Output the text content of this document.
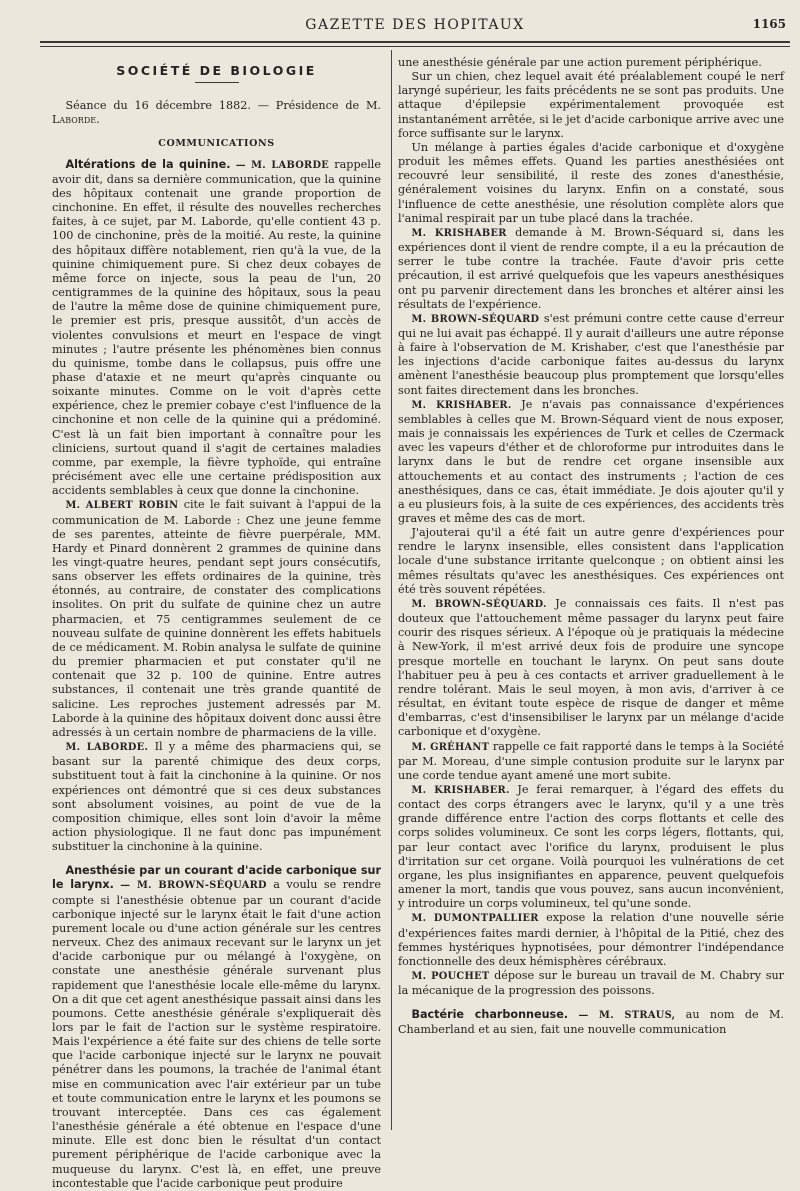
GAZETTE DES HOPITAUX	1165
SOCIÉTÉ DE BIOLOGIE

Séance du 16 décembre 1882. — Présidence de M. Laborde.

COMMUNICATIONS

Altérations de la quinine. — M. LABORDE rappelle avoir dit, dans sa dernière communication, que la quinine des hôpitaux contenait une grande proportion de cinchonine. En effet, il résulte des nouvelles recherches faites, à ce sujet, par M. Laborde, qu'elle contient 43 p. 100 de cinchonine, près de la moitié. Au reste, la quinine des hôpitaux diffère notablement, rien qu'à la vue, de la quinine chimiquement pure. Si chez deux cobayes de même force on injecte, sous la peau de l'un, 20 centigrammes de la quinine des hôpitaux, sous la peau de l'autre la même dose de quinine chimiquement pure, le premier est pris, presque aussitôt, d'un accès de violentes convulsions et meurt en l'espace de vingt minutes ; l'autre présente les phénomènes bien connus du quinisme, tombe dans le collapsus, puis offre une phase d'ataxie et ne meurt qu'après cinquante ou soixante minutes. Comme on le voit d'après cette expérience, chez le premier cobaye c'est l'influence de la cinchonine et non celle de la quinine qui a prédominé. C'est là un fait bien important à connaître pour les cliniciens, surtout quand il s'agit de certaines maladies comme, par exemple, la fièvre typhoïde, qui entraîne précisément avec elle une certaine prédisposition aux accidents semblables à ceux que donne la cinchonine.

M. ALBERT ROBIN cite le fait suivant à l'appui de la communication de M. Laborde : Chez une jeune femme de ses parentes, atteinte de fièvre puerpérale, MM. Hardy et Pinard donnèrent 2 grammes de quinine dans les vingt-quatre heures, pendant sept jours consécutifs, sans observer les effets ordinaires de la quinine, très étonnés, au contraire, de constater des complications insolites. On prit du sulfate de quinine chez un autre pharmacien, et 75 centigrammes seulement de ce nouveau sulfate de quinine donnèrent les effets habituels de ce médicament. M. Robin analysa le sulfate de quinine du premier pharmacien et put constater qu'il ne contenait que 32 p. 100 de quinine. Entre autres substances, il contenait une très grande quantité de salicine. Les reproches justement adressés par M. Laborde à la quinine des hôpitaux doivent donc aussi être adressés à un certain nombre de pharmaciens de la ville.

M. LABORDE. Il y a même des pharmaciens qui, se basant sur la parenté chimique des deux corps, substituent tout à fait la cinchonine à la quinine. Or nos expériences ont démontré que si ces deux substances sont absolument voisines, au point de vue de la composition chimique, elles sont loin d'avoir la même action physiologique. Il ne faut donc pas impunément substituer la cinchonine à la quinine.

Anesthésie par un courant d'acide carbonique sur le larynx. — M. BROWN-SÉQUARD a voulu se rendre compte si l'anesthésie obtenue par un courant d'acide carbonique injecté sur le larynx était le fait d'une action purement locale ou d'une action générale sur les centres nerveux. Chez des animaux recevant sur le larynx un jet d'acide carbonique pur ou mélangé à l'oxygène, on constate une anesthésie générale survenant plus rapidement que l'anesthésie locale elle-même du larynx. On a dit que cet agent anesthésique passait ainsi dans les poumons. Cette anesthésie générale s'expliquerait dès lors par le fait de l'action sur le système respiratoire. Mais l'expérience a été faite sur des chiens de telle sorte que l'acide carbonique injecté sur le larynx ne pouvait pénétrer dans les poumons, la trachée de l'animal étant mise en communication avec l'air extérieur par un tube et toute communication entre le larynx et les poumons se trouvant interceptée. Dans ces cas également l'anesthésie générale a été obtenue en l'espace d'une minute. Elle est donc bien le résultat d'un contact purement périphérique de l'acide carbonique avec la muqueuse du larynx. C'est là, en effet, une preuve incontestable que l'acide carbonique peut produire

une anesthésie générale par une action purement périphérique.

Sur un chien, chez lequel avait été préalablement coupé le nerf laryngé supérieur, les faits précédents ne se sont pas produits. Une attaque d'épilepsie expérimentalement provoquée est instantanément arrêtée, si le jet d'acide carbonique arrive avec une force suffisante sur le larynx.

Un mélange à parties égales d'acide carbonique et d'oxygène produit les mêmes effets. Quand les parties anesthésiées ont recouvré leur sensibilité, il reste des zones d'anesthésie, généralement voisines du larynx. Enfin on a constaté, sous l'influence de cette anesthésie, une résolution complète alors que l'animal respirait par un tube placé dans la trachée.

M. KRISHABER demande à M. Brown-Séquard si, dans les expériences dont il vient de rendre compte, il a eu la précaution de serrer le tube contre la trachée. Faute d'avoir pris cette précaution, il est arrivé quelquefois que les vapeurs anesthésiques ont pu parvenir directement dans les bronches et altérer ainsi les résultats de l'expérience.

M. BROWN-SÉQUARD s'est prémuni contre cette cause d'erreur qui ne lui avait pas échappé. Il y aurait d'ailleurs une autre réponse à faire à l'observation de M. Krishaber, c'est que l'anesthésie par les injections d'acide carbonique faites au-dessus du larynx amènent l'anesthésie beaucoup plus promptement que lorsqu'elles sont faites directement dans les bronches.

M. KRISHABER. Je n'avais pas connaissance d'expériences semblables à celles que M. Brown-Séquard vient de nous exposer, mais je connaissais les expériences de Turk et celles de Czermack avec les vapeurs d'éther et de chloroforme pur introduites dans le larynx dans le but de rendre cet organe insensible aux attouchements et au contact des instruments ; l'action de ces anesthésiques, dans ce cas, était immédiate. Je dois ajouter qu'il y a eu plusieurs fois, à la suite de ces expériences, des accidents très graves et même des cas de mort.

J'ajouterai qu'il a été fait un autre genre d'expériences pour rendre le larynx insensible, elles consistent dans l'application locale d'une substance irritante quelconque ; on obtient ainsi les mêmes résultats qu'avec les anesthésiques. Ces expériences ont été très souvent répétées.

M. BROWN-SÉQUARD. Je connaissais ces faits. Il n'est pas douteux que l'attouchement même passager du larynx peut faire courir des risques sérieux. A l'époque où je pratiquais la médecine à New-York, il m'est arrivé deux fois de produire une syncope presque mortelle en touchant le larynx. On peut sans doute l'habituer peu à peu à ces contacts et arriver graduellement à le rendre tolérant. Mais le seul moyen, à mon avis, d'arriver à ce résultat, en évitant toute espèce de risque de danger et même d'embarras, c'est d'insensibiliser le larynx par un mélange d'acide carbonique et d'oxygène.

M. GRÉHANT rappelle ce fait rapporté dans le temps à la Société par M. Moreau, d'une simple contusion produite sur le larynx par une corde tendue ayant amené une mort subite.

M. KRISHABER. Je ferai remarquer, à l'égard des effets du contact des corps étrangers avec le larynx, qu'il y a une très grande différence entre l'action des corps flottants et celle des corps solides volumineux. Ce sont les corps légers, flottants, qui, par leur contact avec l'orifice du larynx, produisent le plus d'irritation sur cet organe. Voilà pourquoi les vulnérations de cet organe, les plus insignifiantes en apparence, peuvent quelquefois amener la mort, tandis que vous pouvez, sans aucun inconvénient, y introduire un corps volumineux, tel qu'une sonde.

M. DUMONTPALLIER expose la relation d'une nouvelle série d'expériences faites mardi dernier, à l'hôpital de la Pitié, chez des femmes hystériques hypnotisées, pour démontrer l'indépendance fonctionnelle des deux hémisphères cérébraux.

M. POUCHET dépose sur le bureau un travail de M. Chabry sur la mécanique de la progression des poissons.

Bactérie charbonneuse. — M. STRAUS, au nom de M. Chamberland et au sien, fait une nouvelle communication
